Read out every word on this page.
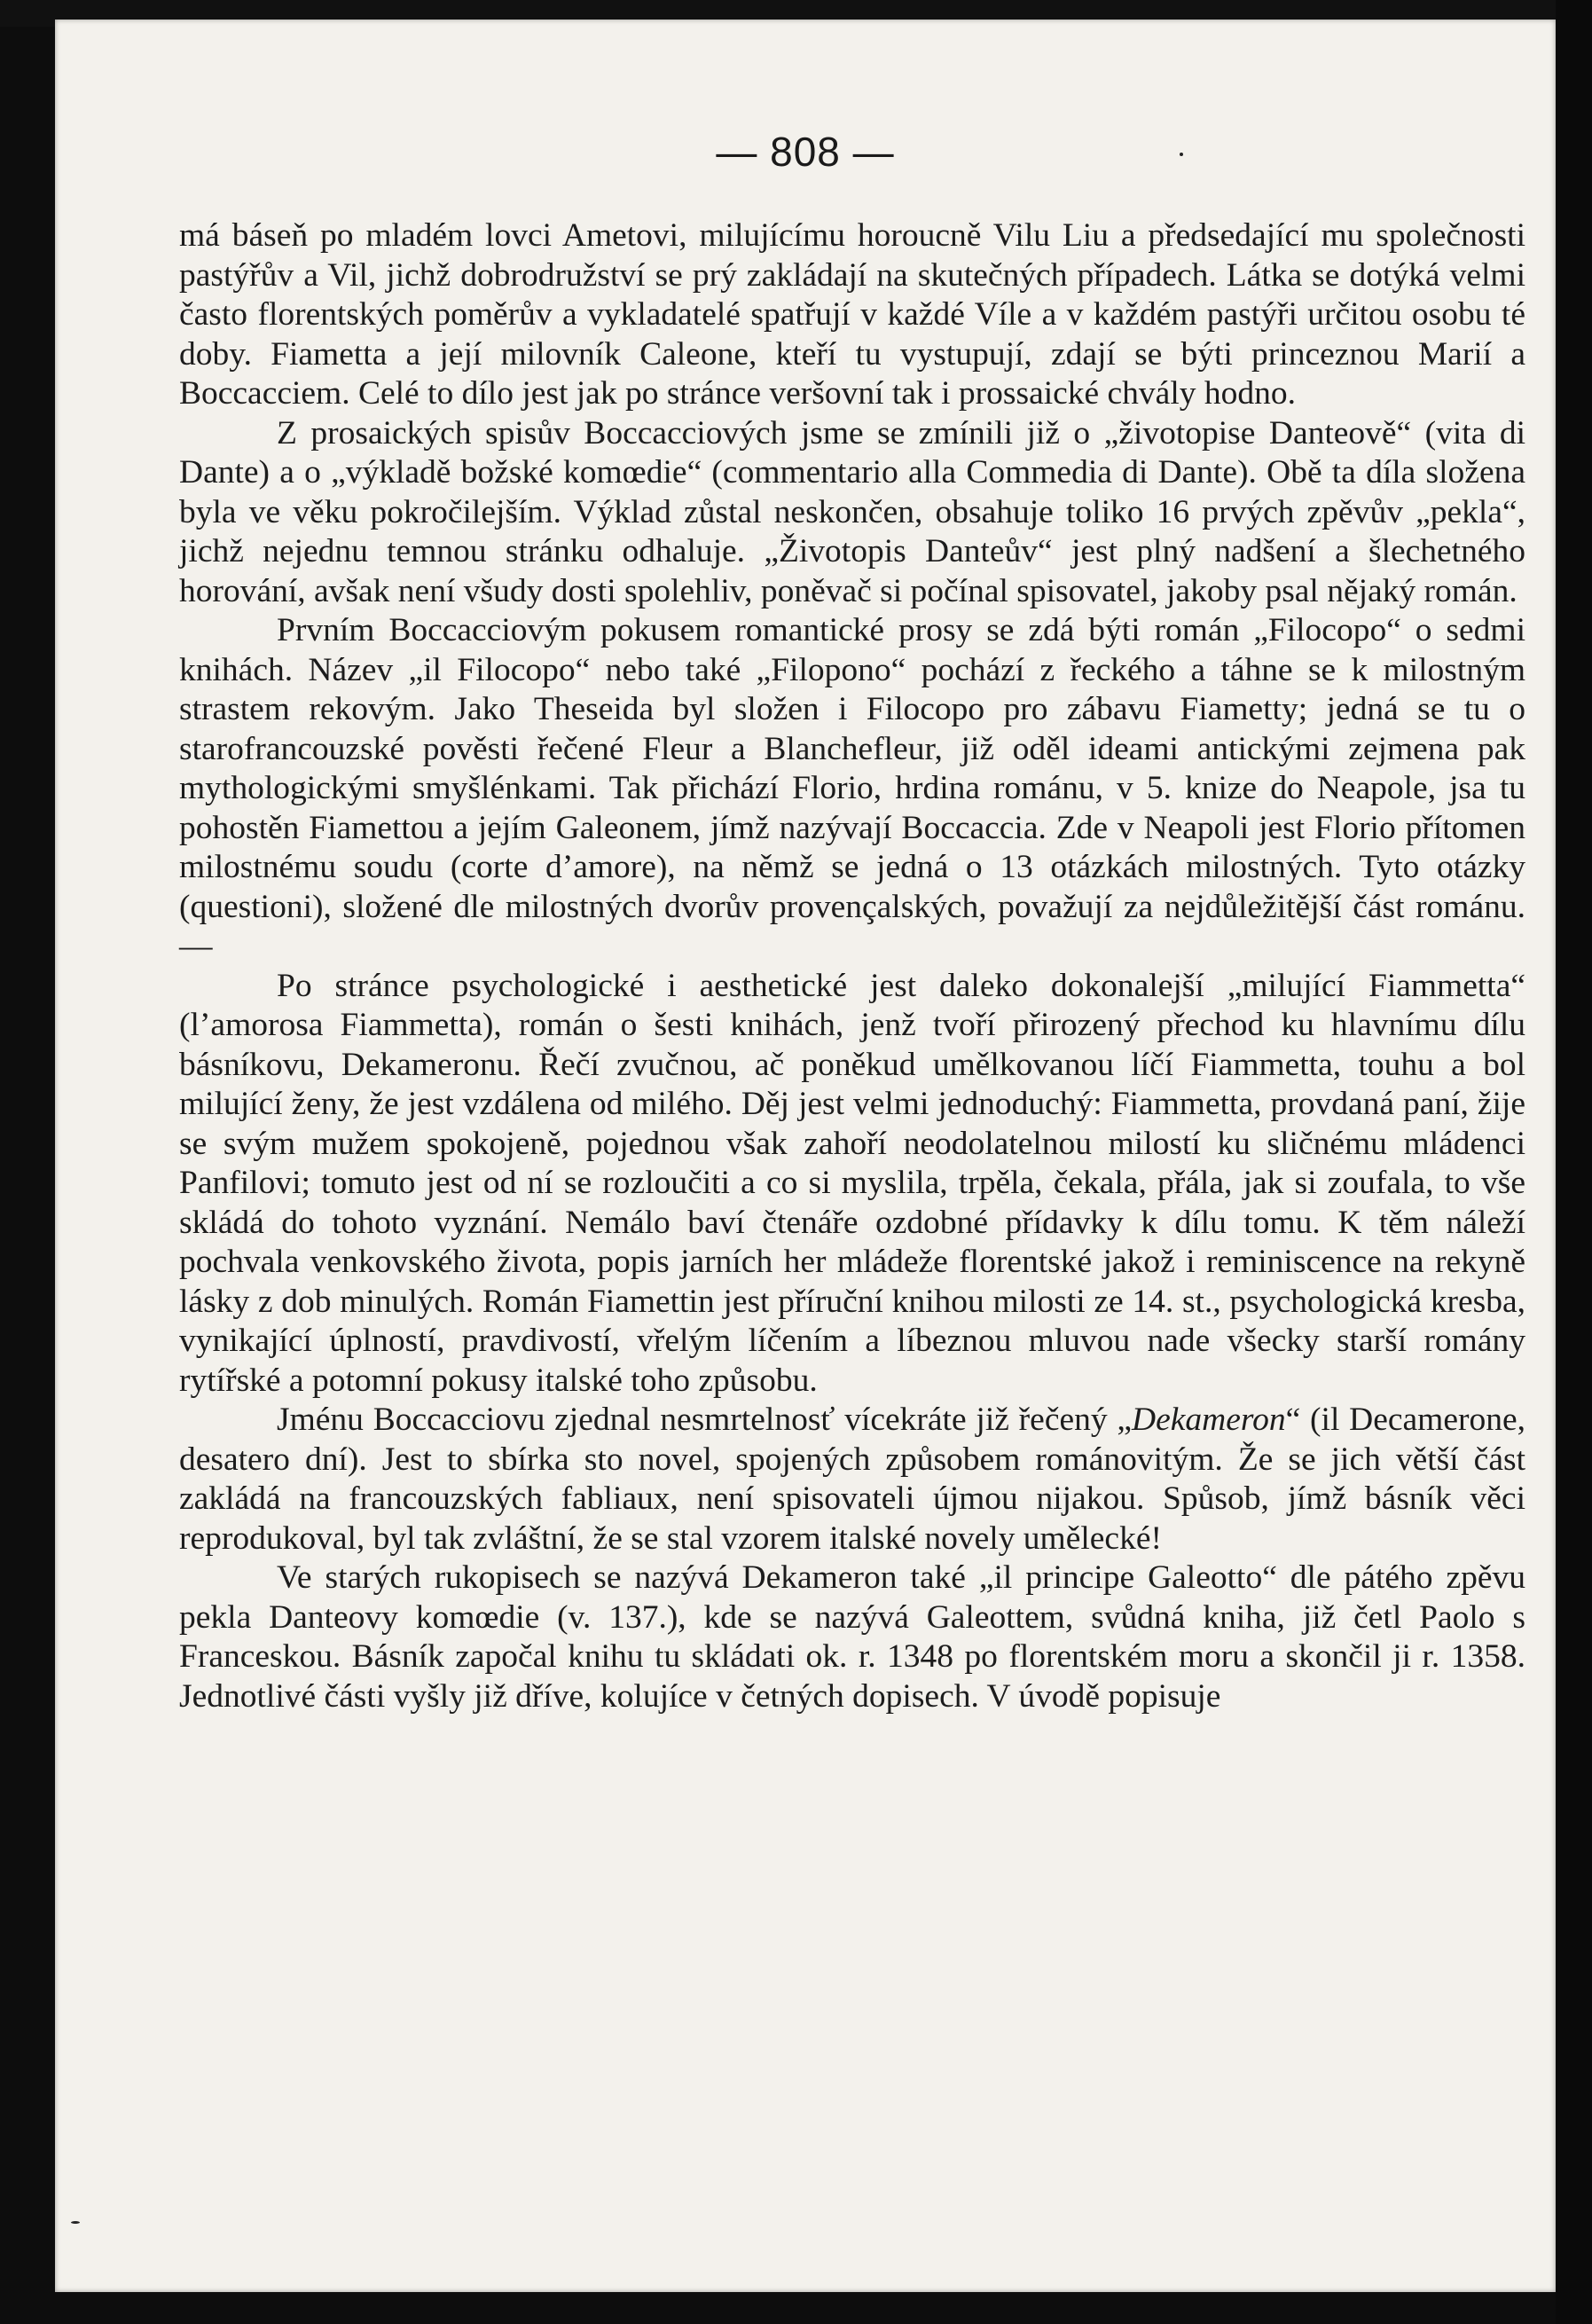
— 808 —

má báseň po mladém lovci Ametovi, milujícímu horoucně Vilu Liu a předsedající mu společnosti pastýřův a Vil, jichž dobrodružství se prý zakládají na skutečných případech. Látka se dotýká velmi často florentských poměrův a vykladatelé spatřují v každé Víle a v každém pastýři určitou osobu té doby. Fiametta a její milovník Caleone, kteří tu vystupují, zdají se býti princeznou Marií a Boccacciem. Celé to dílo jest jak po stránce veršovní tak i prossaické chvály hodno.

Z prosaických spisův Boccacciových jsme se zmínili již o „životopise Danteově“ (vita di Dante) a o „výkladě božské komœdie“ (commentario alla Commedia di Dante). Obě ta díla složena byla ve věku pokročilejším. Výklad zůstal neskončen, obsahuje toliko 16 prvých zpěvův „pekla“, jichž nejednu temnou stránku odhaluje. „Životopis Danteův“ jest plný nadšení a šlechetného horování, avšak není všudy dosti spolehliv, poněvač si počínal spisovatel, jakoby psal nějaký román.

Prvním Boccacciovým pokusem romantické prosy se zdá býti román „Filocopo“ o sedmi knihách. Název „il Filocopo“ nebo také „Filopono“ pochází z řeckého a táhne se k milostným strastem rekovým. Jako Theseida byl složen i Filocopo pro zábavu Fiametty; jedná se tu o starofrancouzské pověsti řečené Fleur a Blanchefleur, již oděl ideami antickými zejmena pak mythologickými smyšlénkami. Tak přichází Florio, hrdina románu, v 5. knize do Neapole, jsa tu pohostěn Fiamettou a jejím Galeonem, jímž nazývají Boccaccia. Zde v Neapoli jest Florio přítomen milostnému soudu (corte d’amore), na němž se jedná o 13 otázkách milostných. Tyto otázky (questioni), složené dle milostných dvorův provençalských, považují za nejdůležitější část románu. —

Po stránce psychologické i aesthetické jest daleko dokonalejší „milující Fiammetta“ (l’amorosa Fiammetta), román o šesti knihách, jenž tvoří přirozený přechod ku hlavnímu dílu básníkovu, Dekameronu. Řečí zvučnou, ač poněkud umělkovanou líčí Fiammetta, touhu a bol milující ženy, že jest vzdálena od milého. Děj jest velmi jednoduchý: Fiammetta, provdaná paní, žije se svým mužem spokojeně, pojednou však zahoří neodolatelnou milostí ku sličnému mládenci Panfilovi; tomuto jest od ní se rozloučiti a co si myslila, trpěla, čekala, přála, jak si zoufala, to vše skládá do tohoto vyznání. Nemálo baví čtenáře ozdobné přídavky k dílu tomu. K těm náleží pochvala venkovského života, popis jarních her mládeže florentské jakož i reminiscence na rekyně lásky z dob minulých. Román Fiamettin jest příruční knihou milosti ze 14. st., psychologická kresba, vynikající úplností, pravdivostí, vřelým líčením a líbeznou mluvou nade všecky starší romány rytířské a potomní pokusy italské toho způsobu.

Jménu Boccacciovu zjednal nesmrtelnosť vícekráte již řečený „Dekameron“ (il Decamerone, desatero dní). Jest to sbírka sto novel, spojených způsobem románovitým. Že se jich větší část zakládá na francouzských fabliaux, není spisovateli újmou nijakou. Spůsob, jímž básník věci reprodukoval, byl tak zvláštní, že se stal vzorem italské novely umělecké!

Ve starých rukopisech se nazývá Dekameron také „il principe Galeotto“ dle pátého zpěvu pekla Danteovy komœdie (v. 137.), kde se nazývá Galeottem, svůdná kniha, již četl Paolo s Franceskou. Básník započal knihu tu skládati ok. r. 1348 po florentském moru a skončil ji r. 1358. Jednotlivé části vyšly již dříve, kolujíce v četných dopisech. V úvodě popisuje
